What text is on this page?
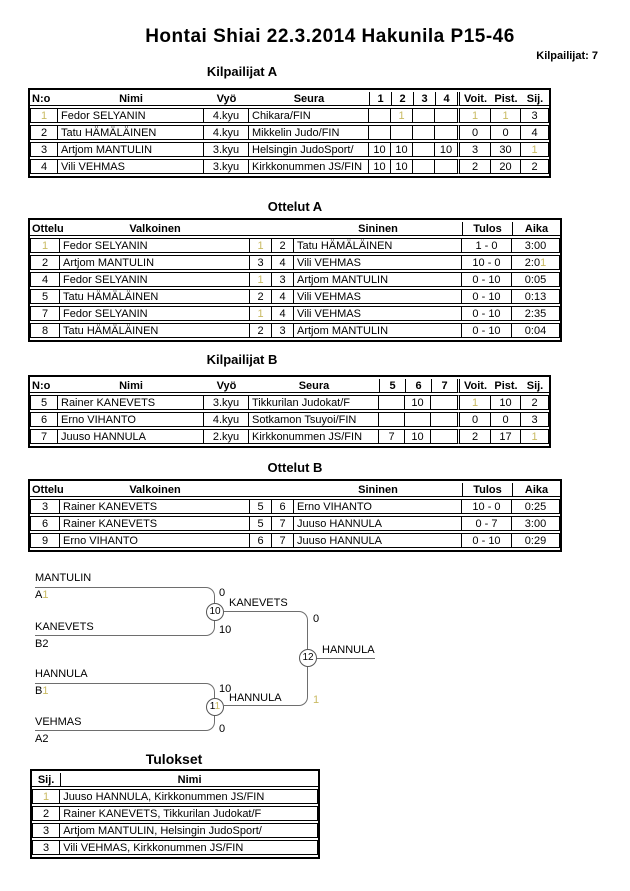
Hontai Shiai 22.3.2014 Hakunila P15-46
Kilpailijat: 7
Kilpailijat A
N:o	Nimi	Vyö	Seura	1	2	3	4	Voit.	Pist.	Sij.
1	Fedor SELYANIN	4.kyu	Chikara/FIN		1			1	1	3
2	Tatu HÄMÄLÄINEN	4.kyu	Mikkelin Judo/FIN					0	0	4
3	Artjom MANTULIN	3.kyu	Helsingin JudoSport/	10	10		10	3	30	1
4	Vili VEHMAS	3.kyu	Kirkkonummen JS/FIN	10	10			2	20	2
Ottelut A
Ottelu	Valkoinen			Sininen	Tulos	Aika
1	Fedor SELYANIN	1	2	Tatu HÄMÄLÄINEN	1 - 0	3:00
2	Artjom MANTULIN	3	4	Vili VEHMAS	10 - 0	2:01
4	Fedor SELYANIN	1	3	Artjom MANTULIN	0 - 10	0:05
5	Tatu HÄMÄLÄINEN	2	4	Vili VEHMAS	0 - 10	0:13
7	Fedor SELYANIN	1	4	Vili VEHMAS	0 - 10	2:35
8	Tatu HÄMÄLÄINEN	2	3	Artjom MANTULIN	0 - 10	0:04
Kilpailijat B
N:o	Nimi	Vyö	Seura	5	6	7	Voit.	Pist.	Sij.
5	Rainer KANEVETS	3.kyu	Tikkurilan Judokat/F		10		1	10	2
6	Erno VIHANTO	4.kyu	Sotkamon Tsuyoi/FIN				0	0	3
7	Juuso HANNULA	2.kyu	Kirkkonummen JS/FIN	7	10		2	17	1
Ottelut B
Ottelu	Valkoinen			Sininen	Tulos	Aika
3	Rainer KANEVETS	5	6	Erno VIHANTO	10 - 0	0:25
6	Rainer KANEVETS	5	7	Juuso HANNULA	0 - 7	3:00
9	Erno VIHANTO	6	7	Juuso HANNULA	0 - 10	0:29
MANTULIN
A1
KANEVETS
B2
0
10
10
KANEVETS
0
1
12
HANNULA
HANNULA
B1
VEHMAS
A2
10
0
11
HANNULA
Tulokset
Sij.	Nimi
1	Juuso HANNULA, Kirkkonummen JS/FIN
2	Rainer KANEVETS, Tikkurilan Judokat/F
3	Artjom MANTULIN, Helsingin JudoSport/
3	Vili VEHMAS, Kirkkonummen JS/FIN
